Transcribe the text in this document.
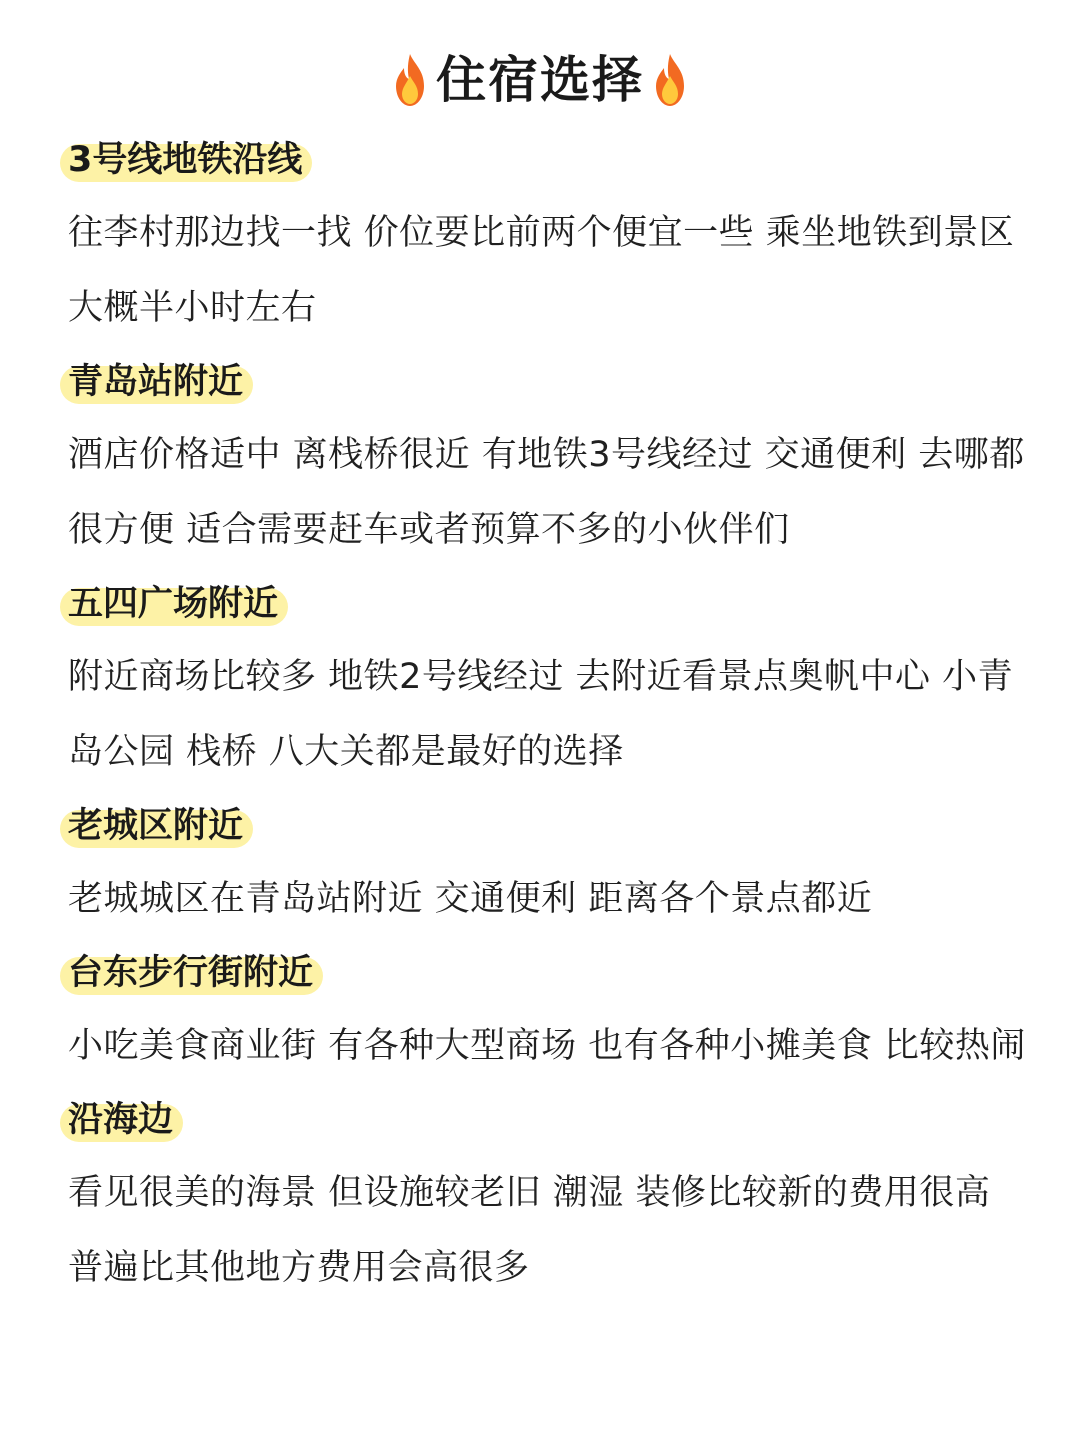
住宿选择
3号线地铁沿线
往李村那边找一找 价位要比前两个便宜一些 乘坐地铁到景区大概半小时左右
青岛站附近
酒店价格适中 离栈桥很近 有地铁3号线经过 交通便利 去哪都很方便 适合需要赶车或者预算不多的小伙伴们
五四广场附近
附近商场比较多 地铁2号线经过 去附近看景点奥帆中心 小青岛公园 栈桥 八大关都是最好的选择
老城区附近
老城城区在青岛站附近 交通便利 距离各个景点都近
台东步行街附近
小吃美食商业街 有各种大型商场 也有各种小摊美食 比较热闹
沿海边
看见很美的海景 但设施较老旧 潮湿 装修比较新的费用很高 普遍比其他地方费用会高很多
